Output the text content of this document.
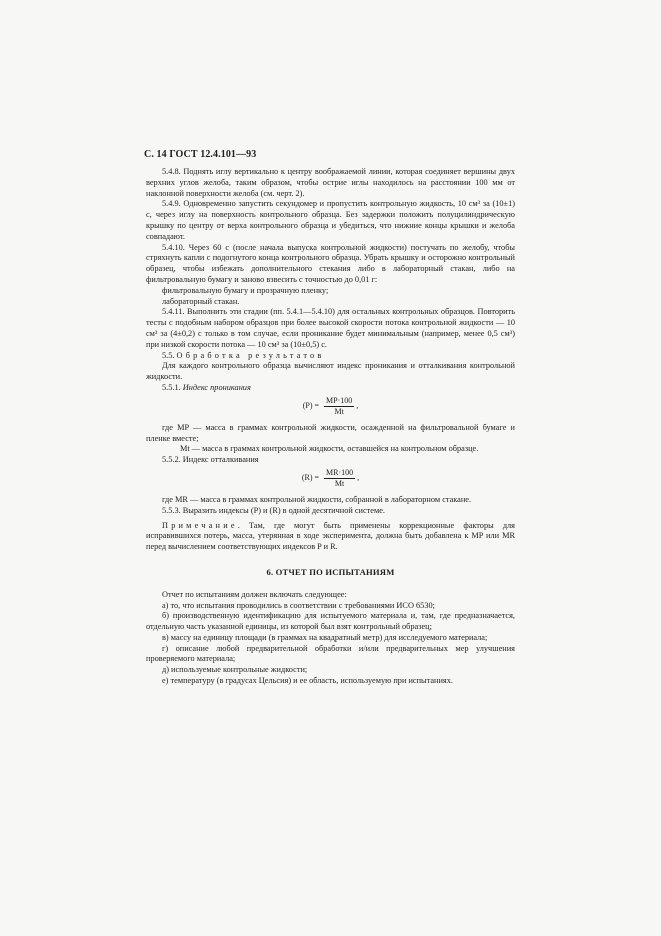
С. 14 ГОСТ 12.4.101—93

5.4.8. Поднять иглу вертикально к центру воображаемой линии, которая соединяет вершины двух верхних углов желоба, таким образом, чтобы острие иглы находилось на расстоянии 100 мм от наклонной поверхности желоба (см. черт. 2).

5.4.9. Одновременно запустить секундомер и пропустить контрольную жидкость, 10 см³ за (10±1) с, через иглу на поверхность контрольного образца. Без задержки положить полуцилиндрическую крышку по центру от верха контрольного образца и убедиться, что нижние концы крышки и желоба совпадают.

5.4.10. Через 60 с (после начала выпуска контрольной жидкости) постучать по желобу, чтобы стряхнуть капли с подогнутого конца контрольного образца. Убрать крышку и осторожно контрольный образец, чтобы избежать дополнительного стекания либо в лабораторный стакан, либо на фильтровальную бумагу и заново взвесить с точностью до 0,01 г:

фильтровальную бумагу и прозрачную пленку;

лабораторный стакан.

5.4.11. Выполнить эти стадии (пп. 5.4.1—5.4.10) для остальных контрольных образцов. Повторить тесты с подобным набором образцов при более высокой скорости потока контрольной жидкости — 10 см³ за (4±0,2) с только в том случае, если проникание будет минимальным (например, менее 0,5 см³) при низкой скорости потока — 10 см³ за (10±0,5) с.

5.5. Обработка результатов

Для каждого контрольного образца вычисляют индекс проникания и отталкивания контрольной жидкости.

5.5.1. Индекс проникания

$(P) = \frac{MP\cdot 100}{Mt}$ ,

где MP — масса в граммах контрольной жидкости, осажденной на фильтровальной бумаге и пленке вместе;

Mt — масса в граммах контрольной жидкости, оставшейся на контрольном образце.

5.5.2. Индекс отталкивания

$(R) = \frac{MR\cdot 100}{Mt}$ ,

где MR — масса в граммах контрольной жидкости, собранной в лабораторном стакане.

5.5.3. Выразить индексы (P) и (R) в одной десятичной системе.

Примечание. Там, где могут быть применены коррекционные факторы для исправившихся потерь, масса, утерянная в ходе эксперимента, должна быть добавлена к MP или MR перед вычислением соответствующих индексов P и R.

6. ОТЧЕТ ПО ИСПЫТАНИЯМ

Отчет по испытаниям должен включать следующее:

а) то, что испытания проводились в соответствии с требованиями ИСО 6530;

б) производственную идентификацию для испытуемого материала и, там, где предназначается, отдельную часть указанной единицы, из которой был взят контрольный образец;

в) массу на единицу площади (в граммах на квадратный метр) для исследуемого материала;

г) описание любой предварительной обработки и/или предварительных мер улучшения проверяемого материала;

д) используемые контрольные жидкости;

е) температуру (в градусах Цельсия) и ее область, используемую при испытаниях.
